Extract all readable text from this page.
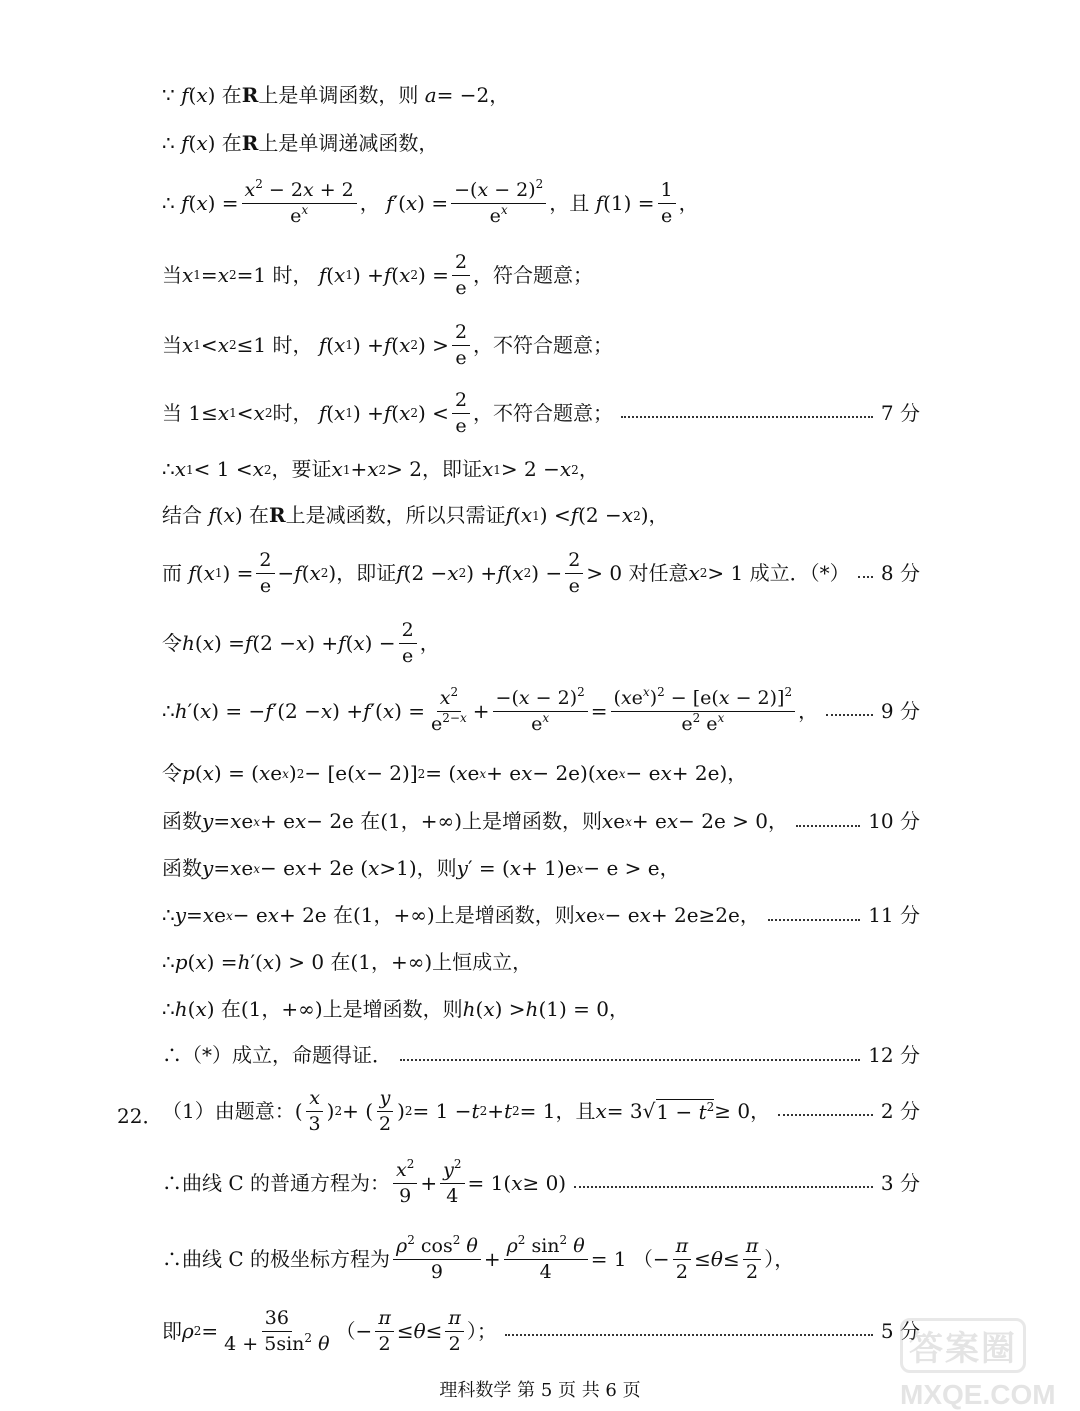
∵ f ( x ) 在 R 上是单调函数，则 a = −2，
∴ f ( x ) 在 R 上是单调递减函数，
∴ f ( x ) = $\frac{x^2 - 2x + 2}{e^x}$ ， f ′( x ) = $\frac{-(x - 2)^2}{e^x}$ ，且 f $(1) = \frac{1}{e}$ ，
当 x 1 = x 2 =1 时， f ( x 1 ) + f ( x 2 ) = $\frac{2}{e}$ ，符合题意；
当 x 1 < x 2 ≤1 时， f ( x 1 ) + f ( x 2 ) > $\frac{2}{e}$ ，不符合题意；
当 1≤ x 1 < x 2 时， f ( x 1 ) + f ( x 2 ) < $\frac{2}{e}$ ，不符合题意；	7 分
∴ x 1 < 1 < x 2 ，要证 x 1 + x 2 > 2，即证 x 1 > 2 − x 2 ，
结合 f ( x ) 在 R 上是减函数，所以只需证 f ( x 1 ) < f (2 − x 2 )，
而 f ( x 1 ) = $\frac{2}{e} - f$ ( x 2 )，即证 f (2 − x 2 ) + f ( x 2 ) − $\frac{2}{e} > 0$ 对任意 x 2 > 1 成立．（*） 8 分
令 h ( x ) = f (2 − x ) + f ( x ) − $\frac{2}{e}$ ，
∴ h ′( x ) = − f ′(2 − x ) + f ′( x ) = $\frac{x^2}{e^{2-x}} + \frac{-(x - 2)^2}{e^x} = \frac{(xe^x)^2 - [e(x - 2)]^2}{e^2 e^x}$ ，	9 分
令 p ( x ) = ( x e x ) 2 − [e( x − 2)] 2 = ( x e x + e x − 2e)( x e x − e x + 2e)，
函数 y = x e x + e x − 2e 在(1，+∞)上是增函数，则 x e x + e x − 2e > 0，	10 分
函数 y = x e x − e x + 2e ( x >1)，则 y ′ = ( x + 1)e x − e > e，
∴ y = x e x − e x + 2e 在(1，+∞)上是增函数，则 x e x − e x + 2e≥2e，	11 分
∴ p ( x ) = h ′( x ) > 0 在(1，+∞)上恒成立，
∴ h ( x ) 在(1，+∞)上是增函数，则 h ( x ) > h (1) = 0，
∴（*）成立，命题得证．	12 分
22． （1）由题意：( $\frac{x}{3}$ ) 2 + ( $\frac{y}{2}$ ) 2 = 1 − t 2 + t 2 = 1，且 x = 3√ $1 - t^2 \ge 0$，	2 分
∴曲线 C 的普通方程为： $\frac{x^2}{9} + \frac{y^2}{4} = 1$( x ≥ 0)	3 分
∴曲线 C 的极坐标方程为 $\frac{\rho^2 \cos^2 \theta}{9} + \frac{\rho^2 \sin^2 \theta}{4} = 1$ （− $\frac{\pi}{2} \le \theta \le \frac{\pi}{2}$ ），
即 ρ $2 = \frac{36}{4 + 5\sin^2 \theta}$ （− $\frac{\pi}{2} \le \theta \le \frac{\pi}{2}$ ）；	5 分
理科数学 第 5 页 共 6 页
答案圈
MXQE.COM
